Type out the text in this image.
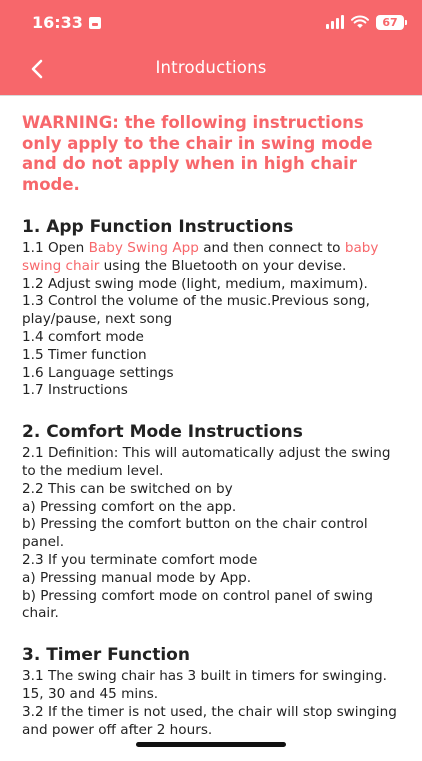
16:33	67
Introductions

WARNING: the following instructions only apply to the chair in swing mode and do not apply when in high chair mode.

1. App Function Instructions

1.1 Open Baby Swing App and then connect to baby swing chair using the Bluetooth on your devise.

1.2 Adjust swing mode (light, medium, maximum).

1.3 Control the volume of the music.Previous song, play/pause, next song

1.4 comfort mode

1.5 Timer function

1.6 Language settings

1.7 Instructions

2. Comfort Mode Instructions

2.1 Definition: This will automatically adjust the swing to the medium level.

2.2 This can be switched on by

a) Pressing comfort on the app.

b) Pressing the comfort button on the chair control panel.

2.3 If you terminate comfort mode

a) Pressing manual mode by App.

b) Pressing comfort mode on control panel of swing chair.

3. Timer Function

3.1 The swing chair has 3 built in timers for swinging. 15, 30 and 45 mins.

3.2 If the timer is not used, the chair will stop swinging and power off after 2 hours.
